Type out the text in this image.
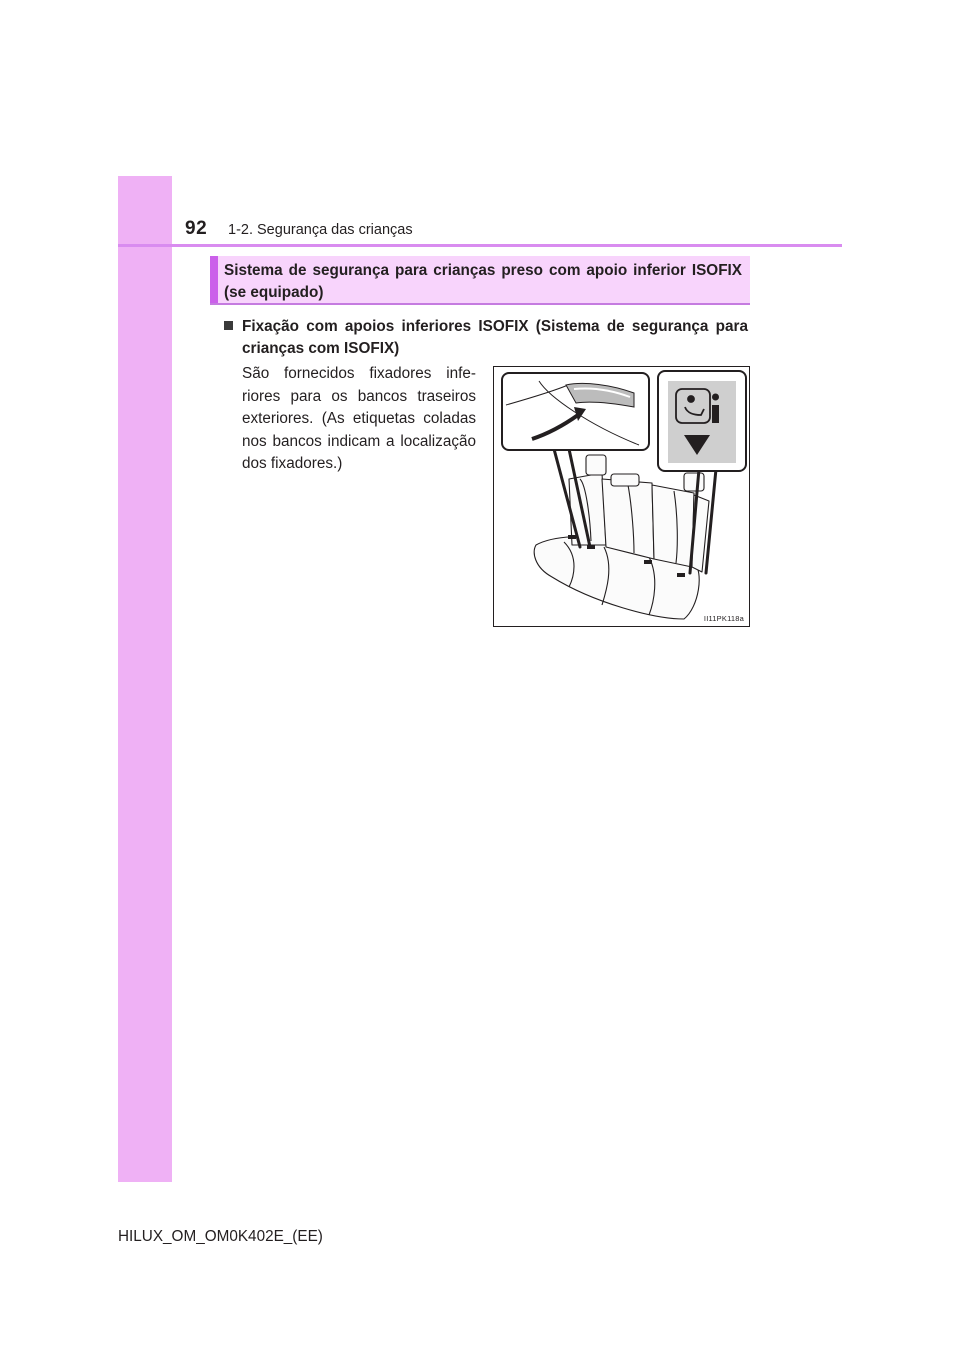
92 1-2. Segurança das crianças

Sistema de segurança para crianças preso com apoio inferior ISOFIX (se equipado)

Fixação com apoios inferiores ISOFIX (Sistema de segurança para crianças com ISOFIX)

São fornecidos fixadores inferiores para os bancos traseiros exteriores. (As etiquetas coladas nos bancos indicam a localização dos fixadores.)

II11PK118a
HILUX_OM_OM0K402E_(EE)
